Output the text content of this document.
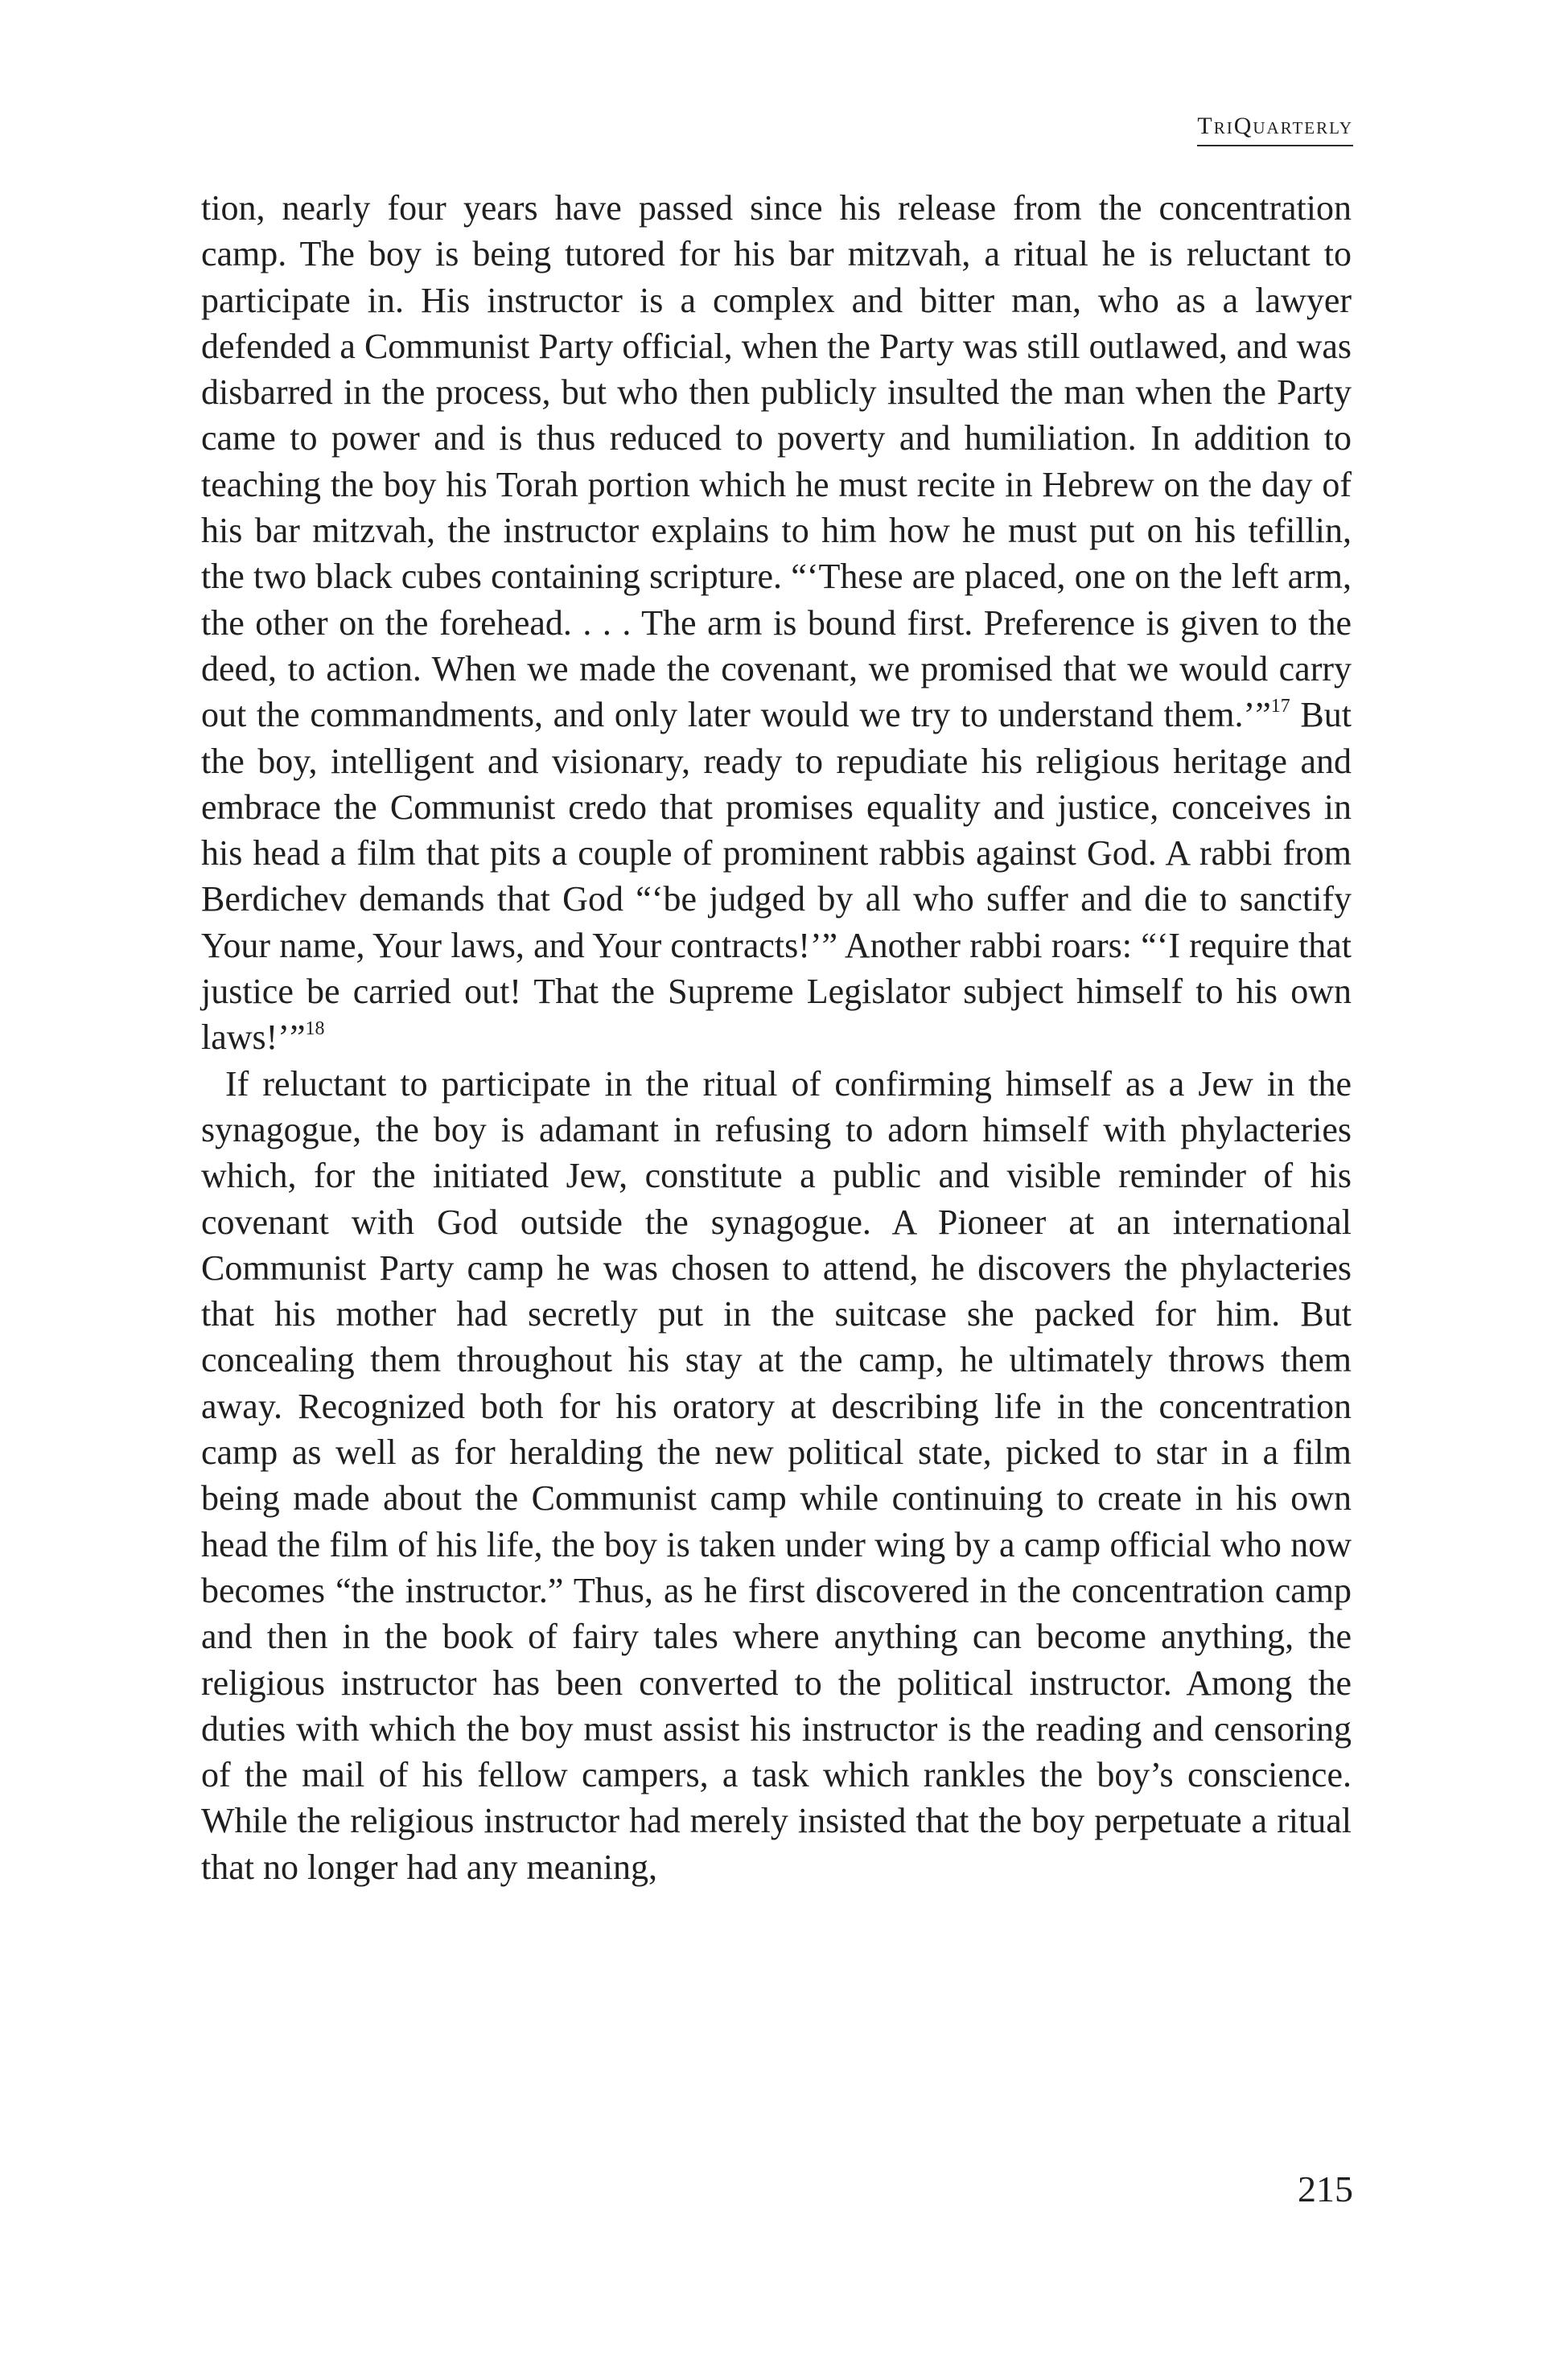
TriQuarterly

tion, nearly four years have passed since his release from the concentration camp. The boy is being tutored for his bar mitzvah, a ritual he is reluctant to participate in. His instructor is a complex and bitter man, who as a lawyer defended a Communist Party official, when the Party was still outlawed, and was disbarred in the process, but who then publicly insulted the man when the Party came to power and is thus reduced to poverty and humiliation. In addition to teaching the boy his Torah portion which he must recite in Hebrew on the day of his bar mitzvah, the instructor explains to him how he must put on his tefillin, the two black cubes containing scripture. “‘These are placed, one on the left arm, the other on the forehead. . . . The arm is bound first. Preference is given to the deed, to action. When we made the covenant, we promised that we would carry out the commandments, and only later would we try to understand them.’”$^{17}$ But the boy, intelligent and visionary, ready to repudiate his religious heritage and embrace the Communist credo that promises equality and justice, conceives in his head a film that pits a couple of prominent rabbis against God. A rabbi from Berdichev demands that God “‘be judged by all who suffer and die to sanctify Your name, Your laws, and Your contracts!’” Another rabbi roars: “‘I require that justice be carried out! That the Supreme Legislator subject himself to his own laws!’”$^{18}$

If reluctant to participate in the ritual of confirming himself as a Jew in the synagogue, the boy is adamant in refusing to adorn himself with phylacteries which, for the initiated Jew, constitute a public and visible reminder of his covenant with God outside the synagogue. A Pioneer at an international Communist Party camp he was chosen to attend, he discovers the phylacteries that his mother had secretly put in the suitcase she packed for him. But concealing them throughout his stay at the camp, he ultimately throws them away. Recognized both for his oratory at describing life in the concentration camp as well as for heralding the new political state, picked to star in a film being made about the Communist camp while continuing to create in his own head the film of his life, the boy is taken under wing by a camp official who now becomes “the instructor.” Thus, as he first discovered in the concentration camp and then in the book of fairy tales where anything can become anything, the religious instructor has been converted to the political instructor. Among the duties with which the boy must assist his instructor is the reading and censoring of the mail of his fellow campers, a task which rankles the boy’s conscience. While the religious instructor had merely insisted that the boy perpetuate a ritual that no longer had any meaning,

215
